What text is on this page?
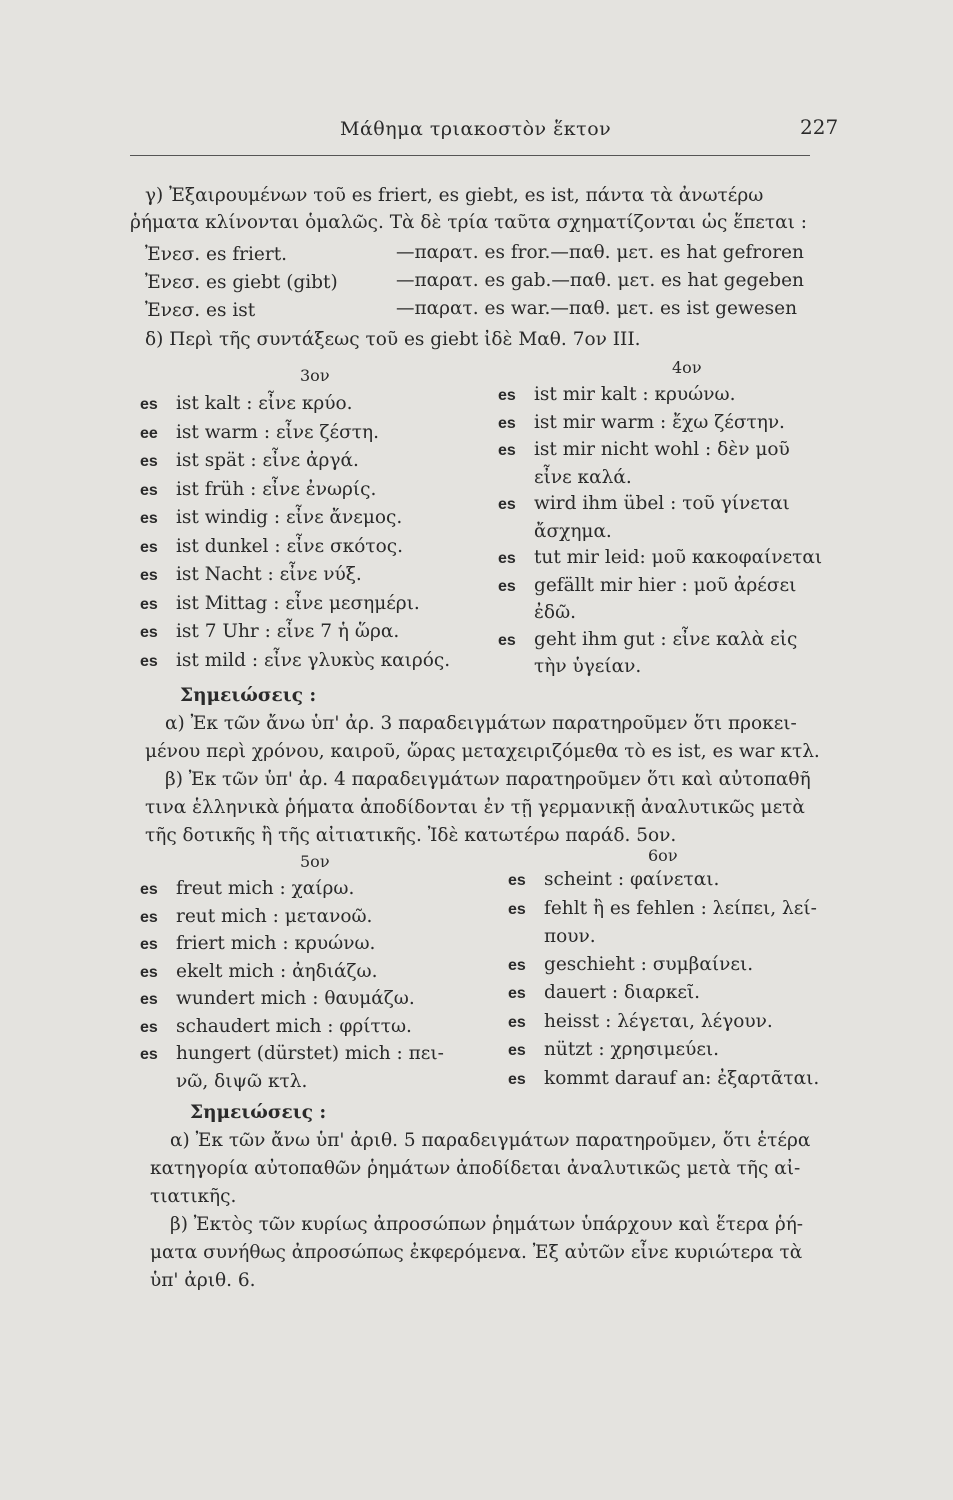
Μάθημα τριακοστὸν ἕκτον	227
γ) Ἐξαιρουμένων τοῦ es friert, es giebt, es ist, πάντα τὰ ἀνωτέρω
ῥήματα κλίνονται ὁμαλῶς. Τὰ δὲ τρία ταῦτα σχηματίζονται ὡς ἕπεται :
Ἐνεσ. es friert.	—παρατ. es fror.—παθ. μετ. es hat gefroren
Ἐνεσ. es giebt (gibt)	—παρατ. es gab.—παθ. μετ. es hat gegeben
Ἐνεσ. es ist	—παρατ. es war.—παθ. μετ. es ist gewesen
δ) Περὶ τῆς συντάξεως τοῦ es giebt ἰδὲ Μαθ. 7ον ΙΙΙ.
3ον
es ist kalt : εἶνε κρύο.
ee ist warm : εἶνε ζέστη.
es ist spät : εἶνε ἀργά.
es ist früh : εἶνε ἐνωρίς.
es ist windig : εἶνε ἄνεμος.
es ist dunkel : εἶνε σκότος.
es ist Nacht : εἶνε νύξ.
es ist Mittag : εἶνε μεσημέρι.
es ist 7 Uhr : εἶνε 7 ἡ ὥρα.
es ist mild : εἶνε γλυκὺς καιρός.
4ον
es ist mir kalt : κρυώνω.
es ist mir warm : ἔχω ζέστην.
es ist mir nicht wohl : δὲν μοῦ
εἶνε καλά.
es wird ihm übel : τοῦ γίνεται
ἄσχημα.
es tut mir leid: μοῦ κακοφαίνεται
es gefällt mir hier : μοῦ ἀρέσει
ἐδῶ.
es geht ihm gut : εἶνε καλὰ εἰς
τὴν ὑγείαν.
Σημειώσεις :
α) Ἐκ τῶν ἄνω ὑπ' ἀρ. 3 παραδειγμάτων παρατηροῦμεν ὅτι προκει-
μένου περὶ χρόνου, καιροῦ, ὥρας μεταχειριζόμεθα τὸ es ist, es war κτλ.
β) Ἐκ τῶν ὑπ' ἀρ. 4 παραδειγμάτων παρατηροῦμεν ὅτι καὶ αὐτοπαθῆ
τινα ἑλληνικὰ ῥήματα ἀποδίδονται ἐν τῇ γερμανικῇ ἀναλυτικῶς μετὰ
τῆς δοτικῆς ἢ τῆς αἰτιατικῆς. Ἰδὲ κατωτέρω παράδ. 5ον.
5ον
es freut mich : χαίρω.
es reut mich : μετανοῶ.
es friert mich : κρυώνω.
es ekelt mich : ἀηδιάζω.
es wundert mich : θαυμάζω.
es schaudert mich : φρίττω.
es hungert (dürstet) mich : πει-
νῶ, διψῶ κτλ.
6ον
es scheint : φαίνεται.
es fehlt ἢ es fehlen : λείπει, λεί-
πουν.
es geschieht : συμβαίνει.
es dauert : διαρκεῖ.
es heisst : λέγεται, λέγουν.
es nützt : χρησιμεύει.
es kommt darauf an: ἐξαρτᾶται.
Σημειώσεις :
α) Ἐκ τῶν ἄνω ὑπ' ἀριθ. 5 παραδειγμάτων παρατηροῦμεν, ὅτι ἑτέρα
κατηγορία αὐτοπαθῶν ῥημάτων ἀποδίδεται ἀναλυτικῶς μετὰ τῆς αἰ-
τιατικῆς.
β) Ἐκτὸς τῶν κυρίως ἀπροσώπων ῥημάτων ὑπάρχουν καὶ ἕτερα ῥή-
ματα συνήθως ἀπροσώπως ἐκφερόμενα. Ἐξ αὐτῶν εἶνε κυριώτερα τὰ
ὑπ' ἀριθ. 6.
